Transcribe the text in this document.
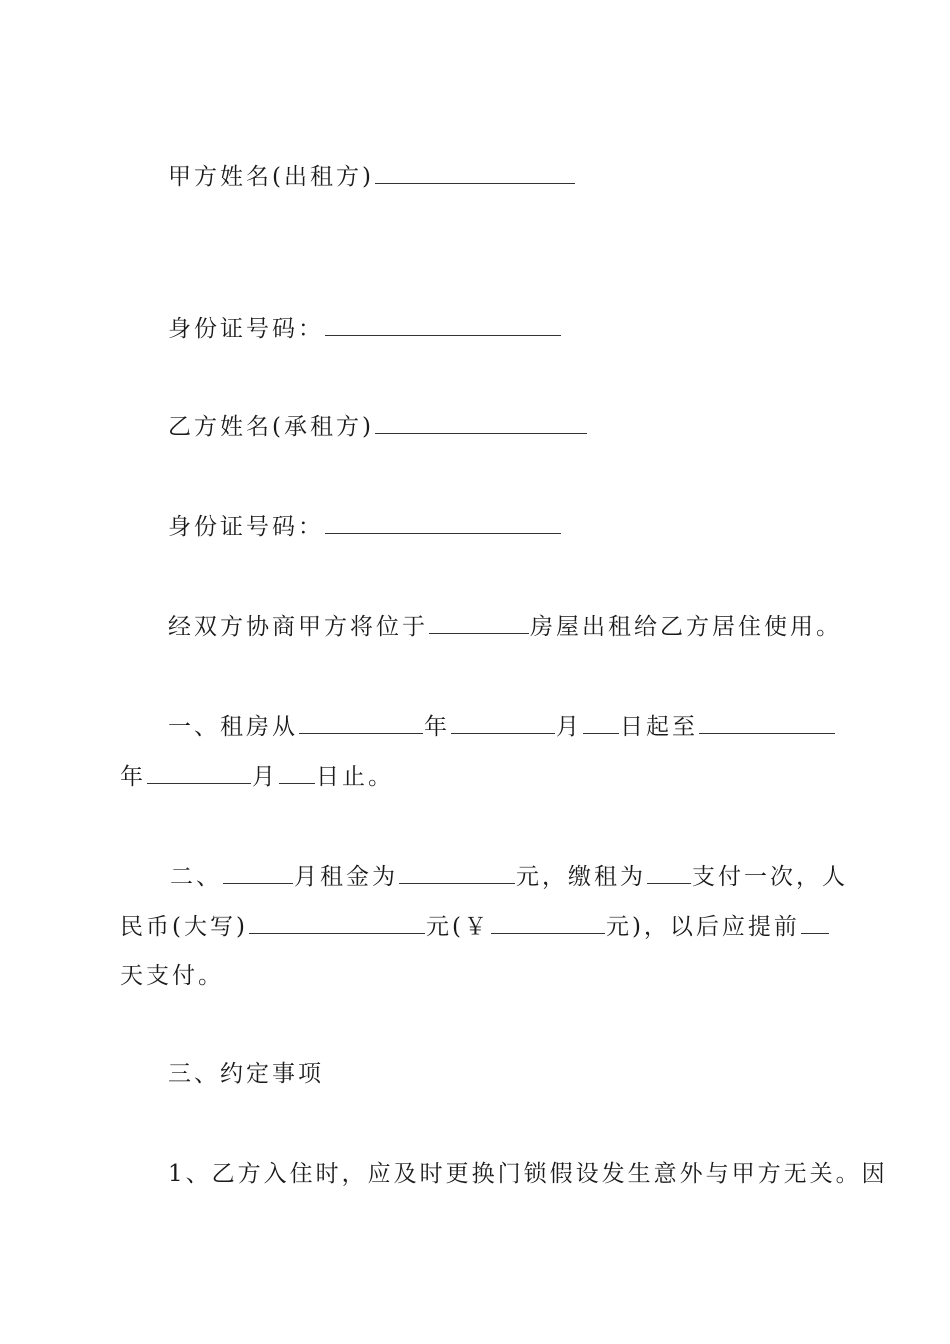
甲方姓名(出租方)
身份证号码：
乙方姓名(承租方)
身份证号码：
经双方协商甲方将位于	房屋出租给乙方居住使用。
一、租房从	年	月 日起至
年	月 日止。
二、	月租金为	元，缴租为 支付一次，人
民币(大写)	元(￥	元)，以后应提前
天支付。
三、约定事项
1、乙方入住时，应及时更换门锁假设发生意外与甲方无关。因
